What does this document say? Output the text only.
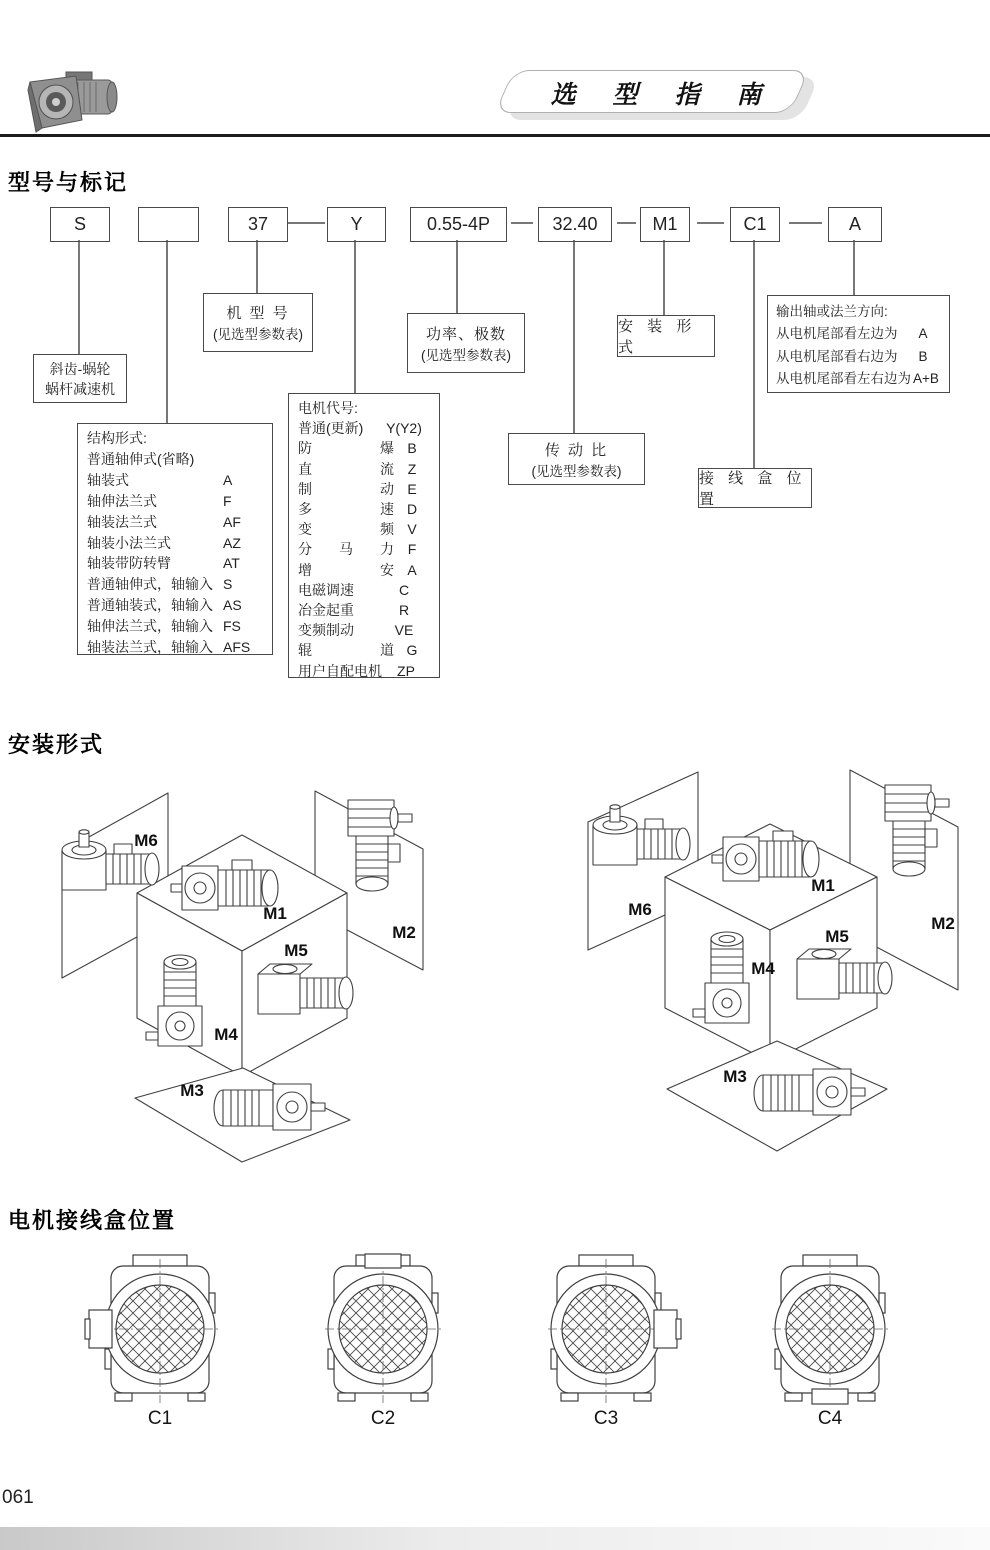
选 型 指 南
型号与标记
S	37	Y	0.55-4P	32.40	M1	C1	A
斜齿-蜗轮
蜗杆减速机
机 型 号
(见选型参数表)	功率、极数
(见选型参数表)
结构形式:
普通轴伸式(省略)
轴装式	A
轴伸法兰式	F
轴装法兰式	AF
轴装小法兰式	AZ
轴装带防转臂	AT
普通轴伸式，轴输入 S
普通轴装式，轴输入 AS
轴伸法兰式，轴输入 FS
轴装法兰式，轴输入 AFS
电机代号:
普通(更新)	Y(Y2)
防爆 B
直流 Z
制动 E
多速 D
变频 V
分马力 F
增安 A
电磁调速	C
冶金起重	R
变频制动	VE
辊道 G
用户自配电机	ZP
安 装 形 式
传 动 比
(见选型参数表)	接 线 盒 位 置
输出轴或法兰方向:
从电机尾部看左边为	A
从电机尾部看右边为	B
从电机尾部看左右边为 A+B
安装形式
M6
M1
M2
M5
M4
M3
M6
M1
M2
M5
M4
M3
电机接线盒位置
C1	C2	C3	C4
061
